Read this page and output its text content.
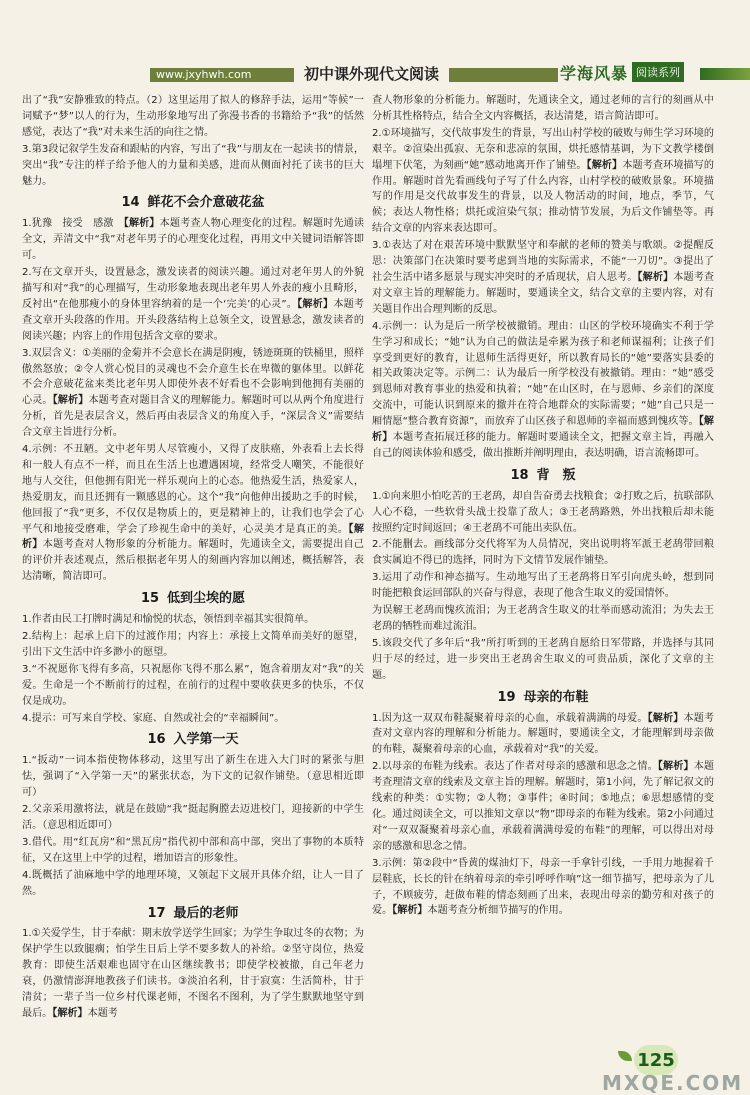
www.jxyhwh.com	初中课外现代文阅读	学海风暴 阅读系列

出了“我”安静雅致的特点。（2）这里运用了拟人的修辞手法，运用“等候”一词赋予“梦”以人的行为，生动形象地写出了弥漫书香的书籍给予“我”的恬然感觉，表达了“我”对未来生活的向往之情。

3.第3段记叙学生发奋和跟帖的内容，写出了“我”与朋友在一起读书的情景，突出“我”专注的样子给予他人的力量和美感，进而从侧面衬托了读书的巨大魅力。

14 鲜花不会介意破花盆

1.犹豫　接受　感激　【解析】本题考查人物心理变化的过程。解题时先通读全文，弄清文中“我”对老年男子的心理变化过程，再用文中关键词语解答即可。

2.写在文章开头，设置悬念，激发读者的阅读兴趣。通过对老年男人的外貌描写和对“我”的心理描写，生动形象地表现出老年男人外表的瘦小且畸形，反衬出“在他那瘦小的身体里容纳着的是一个‘完美’的心灵”。【解析】本题考查文章开头段落的作用。开头段落结构上总领全文，设置悬念，激发读者的阅读兴趣；内容上的作用包括含文章的要求。

3.双层含义：①美丽的金菊并不会意长在满是阴瘦，锈迹斑斑的铁桶里，照样傲然怒放；②令人赏心悦目的灵魂也不会介意生长在卑微的躯体里。以鲜花不会介意破花盆来类比老年男人即使外表不好看也不会影响到他拥有美丽的心灵。【解析】本题考查对题目含义的理解能力。解题时可以从两个角度进行分析，首先是表层含义，然后再由表层含义的角度入手，“深层含义”需要结合文章主旨进行分析。

4.示例：不丑陋。文中老年男人尽管瘦小，又得了皮肤癌，外表看上去长得和一般人有点不一样，而且在生活上也遭遇困境，经常受人嘲笑，不能很好地与人交往，但他拥有阳光一样乐观向上的心态。他热爱生活，热爱家人，热爱朋友，而且还拥有一颗感恩的心。这个“我”向他伸出援助之手的时候，他回报了“我”更多，不仅仅是物质上的，更是精神上的，让我们也学会了心平气和地接受磨难，学会了珍视生命中的美好，心灵美才是真正的美。【解析】本题考查对人物形象的分析能力。解题时，先通读全文，需要提出自己的评价并表述观点，然后根据老年男人的刻画内容加以阐述，概括解答，表达清晰，简洁即可。

15 低到尘埃的愿

1.作者由民工打牌时满足和愉悦的状态，领悟到幸福其实很简单。

2.结构上：起承上启下的过渡作用；内容上：承接上文简单而美好的愿望，引出下文生活中许多渺小的愿望。

3.“不祝愿你飞得有多高，只祝愿你飞得不那么累”，饱含着朋友对“我”的关爱。生命是一个不断前行的过程，在前行的过程中要收获更多的快乐，不仅仅是成功。

4.提示：可写来自学校、家庭、自然或社会的“幸福瞬间”。

16 入学第一天

1.“扳动”一词本指使物体移动，这里写出了新生在进入大门时的紧张与胆怯，强调了“入学第一天”的紧张状态，为下文的记叙作铺垫。（意思相近即可）

2.父亲采用激将法，就是在鼓励“我”挺起胸膛去迈进校门，迎接新的中学生活。（意思相近即可）

3.借代。用“红瓦房”和“黑瓦房”指代初中部和高中部，突出了事物的本质特征，又在这里上中学的过程，增加语言的形象性。

4.既概括了油麻地中学的地理环境，又领起下文展开具体介绍，让人一目了然。

17 最后的老师

1.①关爱学生，甘于奉献：期末放学送学生回家；为学生争取过冬的衣物；为保护学生以致腿瘸；怕学生日后上学不要多数人的补给。②坚守岗位，热爱教育：即使生活艰难也固守在山区继续教书；即使学校被撤，自己年老力衰，仍激情澎湃地教孩子们读书。③淡泊名利，甘于寂寞：生活简朴，甘于清贫；一辈子当一位乡村代课老师，不图名不图利，为了学生默默地坚守到最后。【解析】本题考

查人物形象的分析能力。解题时，先通读全文，通过老师的言行的刻画从中分析其性格特点，结合全文内容概括，表达清楚，语言简洁即可。

2.①环境描写，交代故事发生的背景，写出山村学校的破败与师生学习环境的艰辛。②渲染出孤寂、无奈和悲凉的氛围，烘托感情基调，为下文教学楼倒塌埋下伏笔，为刻画“她”感动地离开作了铺垫。【解析】本题考查环境描写的作用。解题时首先看画线句子写了什么内容，山村学校的破败景象。环境描写的作用是交代故事发生的背景，以及人物活动的时间，地点，季节，气候；表达人物性格；烘托或渲染气氛；推动情节发展，为后文作铺垫等。再结合文章的内容来表达即可。

3.①表达了对在艰苦环境中默默坚守和奉献的老师的赞美与歌颂。②提醒反思：决策部门在决策时要考虑到当地的实际需求，不能“一刀切”。③提出了社会生活中诸多愿景与现实冲突时的矛盾现状，启人思考。【解析】本题考查对文章主旨的理解能力。解题时，要通读全文，结合文章的主要内容，对有关题目作出合理判断的反思。

4.示例一：认为是后一所学校被撤销。理由：山区的学校环境确实不利于学生学习和成长；“她”认为自己的做法是牵累为孩子和老师谋福利；让孩子们享受到更好的教育，让恩师生活得更好，所以教育局长的“她”要落实县委的相关政策决定等。示例二：认为最后一所学校没有被撤销。理由：“她”感受到恩师对教育事业的热爱和执着；“她”在山区时，在与恩师、乡亲们的深度交流中，可能认识到原来的撤并在符合地群众的实际需要；“她”自己只是一厢情愿“整合教育资源”，而放弃了山区孩子和恩师的幸福而感到愧疚等。【解析】本题考查拓展迁移的能力。解题时要通读全文，把握文章主旨，再融入自己的阅读体验和感受，做出推断并阐明理由，表达明确，语言流畅即可。

18 背　叛

1.①向来胆小怕吃苦的王老鸹，却自告奋勇去找粮食；②打败之后，抗联部队人心不稳，一些软骨头战士投靠了敌人；③王老鸹路熟，外出找粮后却未能按照约定时间返回；④王老鸹不可能出卖队伍。

2.不能删去。画线部分交代将军为人员情况，突出说明将军派王老鸹带回粮食实属迫不得已的选择，同时为下文情节发展作铺垫。

3.运用了动作和神态描写。生动地写出了王老鸹将日军引向虎头岭，想到同时能把粮食运回部队的兴奋与得意，表现了他含生取义的爱国情怀。

为误解王老鸹而愧疚流泪；为王老鸹含生取义的壮举而感动流泪；为失去王老鸹的牺牲而难过流泪。

5.该段交代了多年后“我”所打听到的王老鸹自愿给日军带路，并选择与其同归于尽的经过，进一步突出王老鸹舍生取义的可贵品质，深化了文章的主题。

19 母亲的布鞋

1.因为这一双双布鞋凝聚着母亲的心血，承载着满满的母爱。【解析】本题考查对文章内容的理解和分析能力。解题时，要通读全文，才能理解到母亲做的布鞋，凝聚着母亲的心血，承载着对“我”的关爱。

2.以母亲的布鞋为线索。表达了作者对母亲的感激和思念之情。【解析】本题考查理清文章的线索及文章主旨的理解。解题时，第1小问，先了解记叙文的线索的种类：①实物；②人物；③事件；④时间；⑤地点；⑥思想感情的变化。通过阅读全文，可以推知文章以“物”即母亲的布鞋为线索。第2小问通过对“一双双凝聚着母亲心血，承载着满满母爱的布鞋”的理解，可以得出对母亲的感激和思念之情。

3.示例：第②段中“昏黄的煤油灯下，母亲一手拿针引线，一手用力地握着千层鞋底，长长的针在纳着母亲的牵引呼呼作响”这一细节描写，把母亲为了儿子，不顾疲劳，赶做布鞋的情态刻画了出来，表现出母亲的勤劳和对孩子的爱。【解析】本题考查分析细节描写的作用。

125
MXQE.COM
